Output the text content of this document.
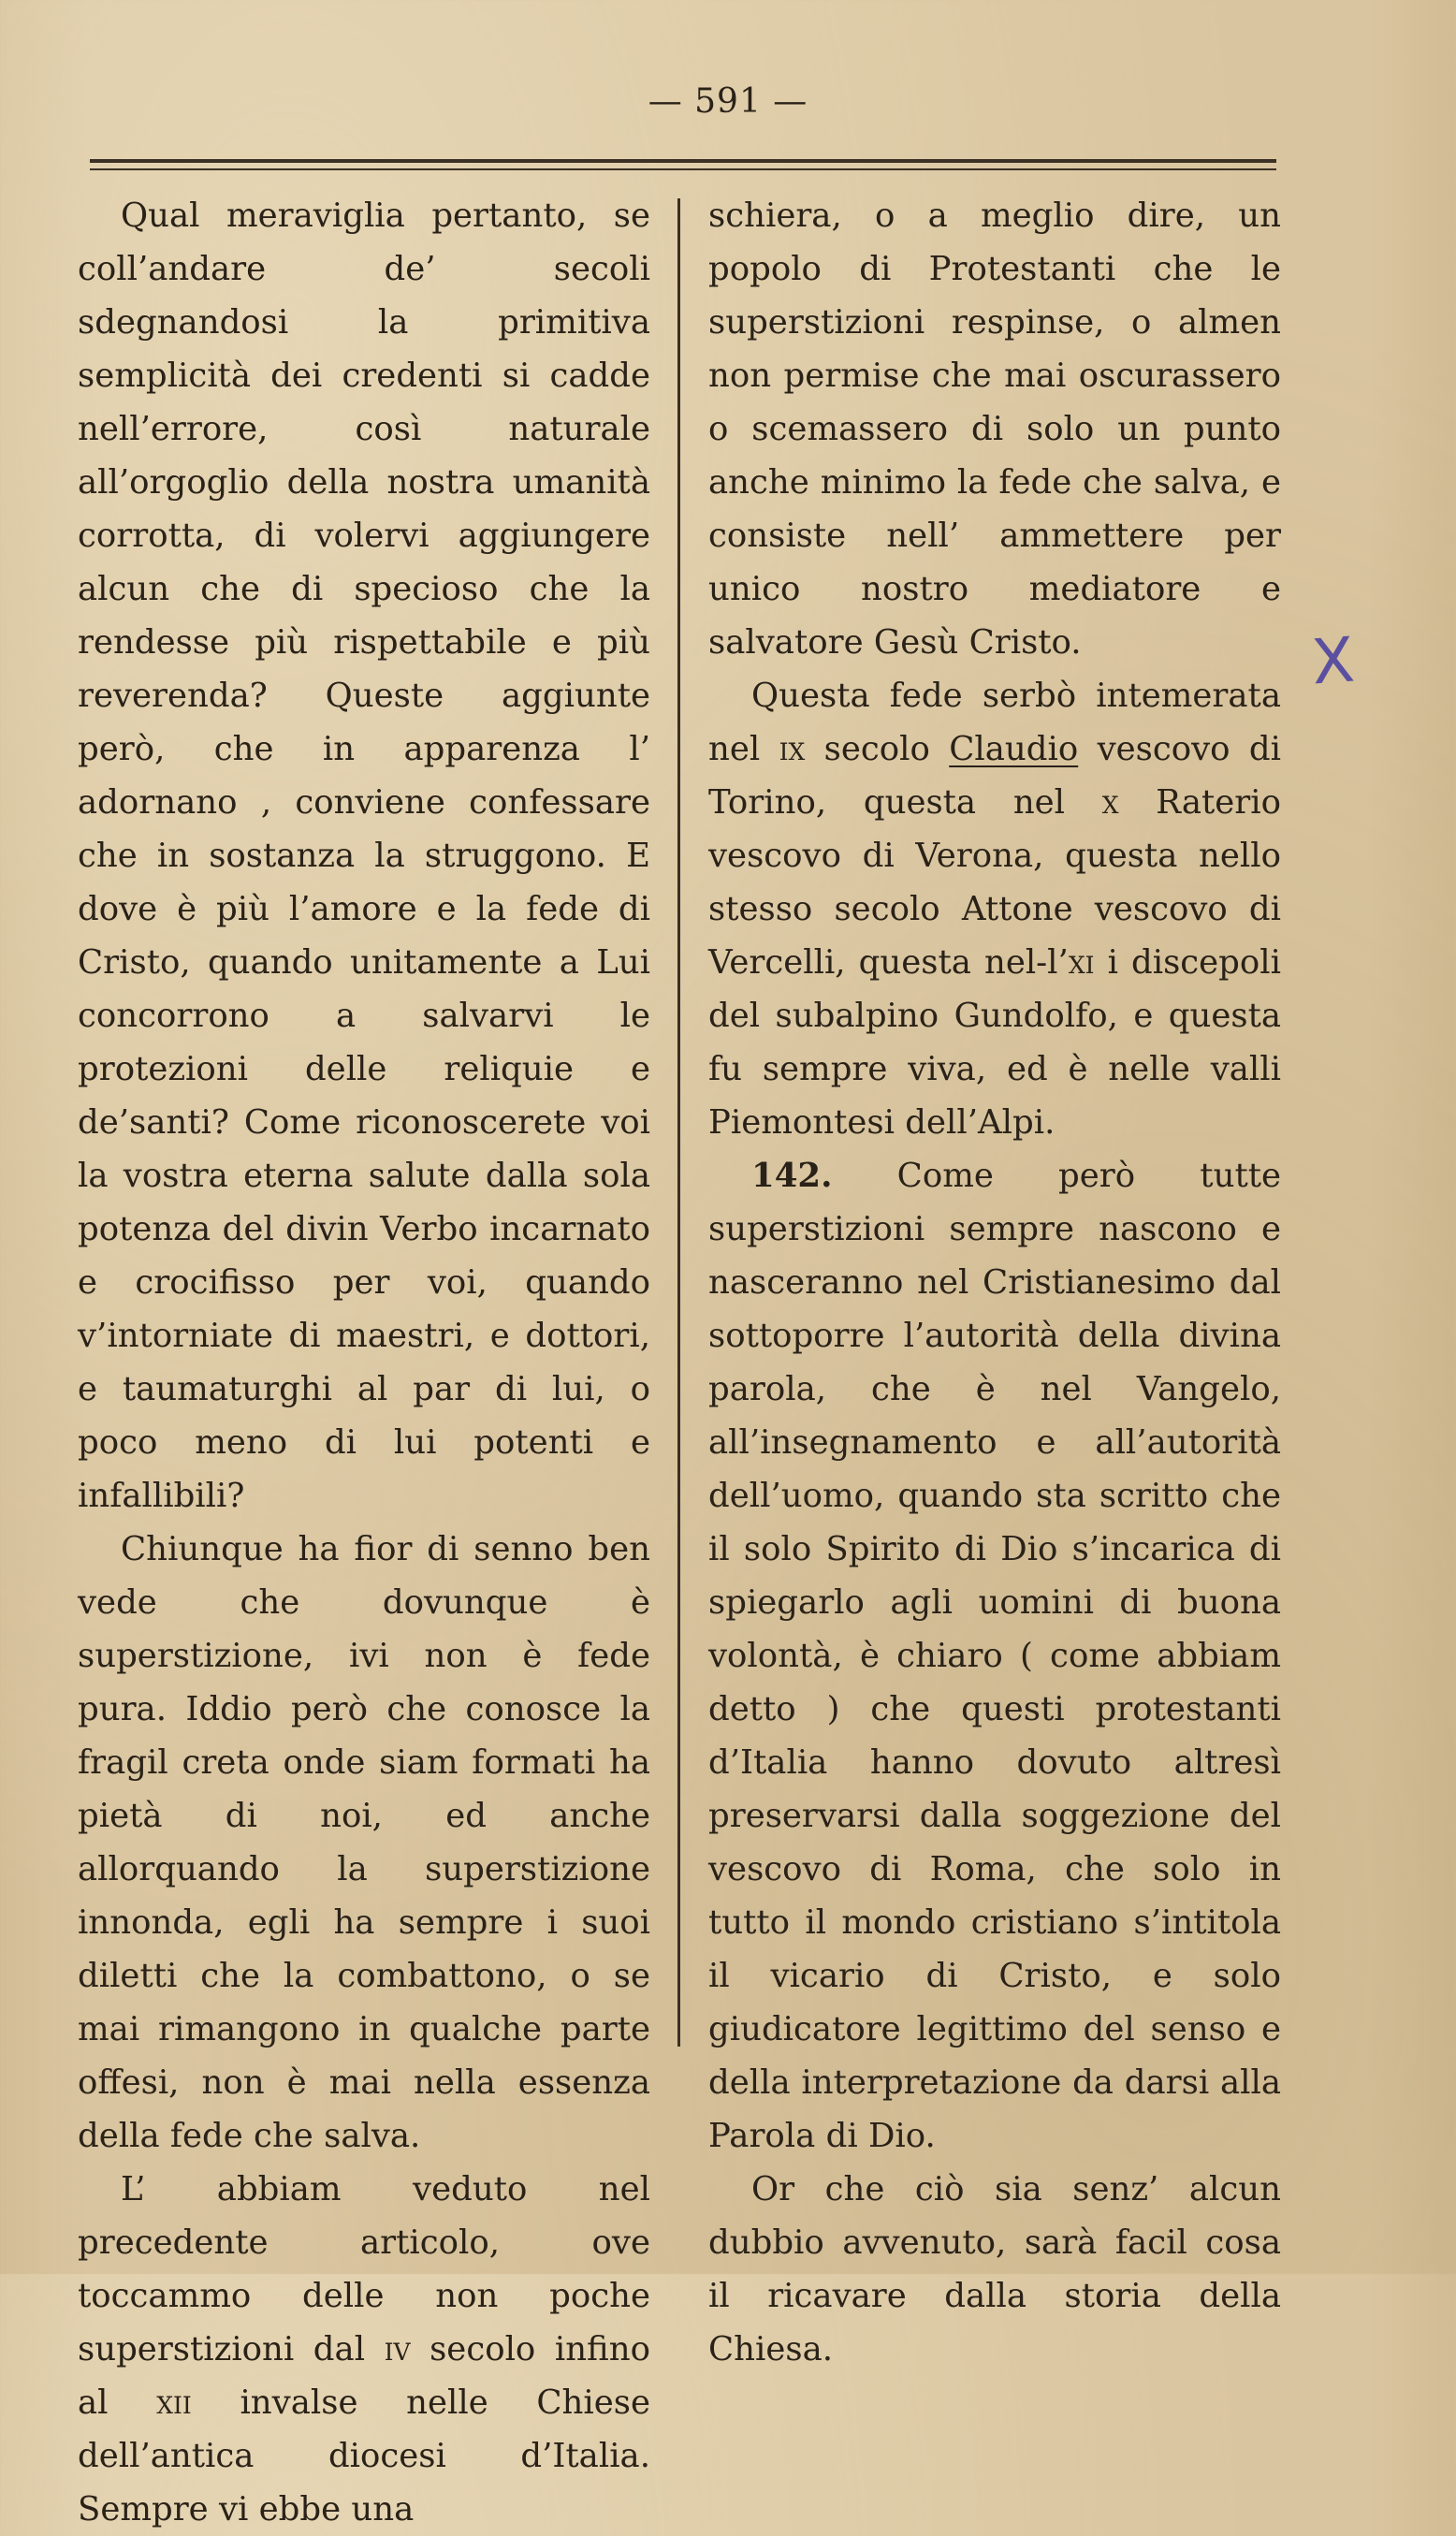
— 591 —

Qual meraviglia pertanto, se coll’andare de’ secoli sdegnandosi la primitiva semplicità dei credenti si cadde nell’errore, così naturale all’orgoglio della nostra umanità corrotta, di volervi aggiungere alcun che di specioso che la rendesse più rispettabile e più reverenda? Queste aggiunte però, che in apparenza l’ adornano , conviene confessare che in sostanza la struggono. E dove è più l’amore e la fede di Cristo, quando unitamente a Lui concorrono a salvarvi le protezioni delle reliquie e de’santi? Come riconoscerete voi la vostra eterna salute dalla sola potenza del divin Verbo incarnato e crocifisso per voi, quando v’intorniate di maestri, e dottori, e taumaturghi al par di lui, o poco meno di lui potenti e infallibili?

Chiunque ha fior di senno ben vede che dovunque è superstizione, ivi non è fede pura. Iddio però che conosce la fragil creta onde siam formati ha pietà di noi, ed anche allorquando la superstizione innonda, egli ha sempre i suoi diletti che la combattono, o se mai rimangono in qualche parte offesi, non è mai nella essenza della fede che salva.

L’ abbiam veduto nel precedente articolo, ove toccammo delle non poche superstizioni dal iv secolo infino al xii invalse nelle Chiese dell’antica diocesi d’Italia. Sempre vi ebbe una

schiera, o a meglio dire, un popolo di Protestanti che le superstizioni respinse, o almen non permise che mai oscurassero o scemassero di solo un punto anche minimo la fede che salva, e consiste nell’ ammettere per unico nostro mediatore e salvatore Gesù Cristo.

Questa fede serbò intemerata nel ix secolo Claudio vescovo di Torino, questa nel x Raterio vescovo di Verona, questa nello stesso secolo Attone vescovo di Vercelli, questa nel-l’xi i discepoli del subalpino Gundolfo, e questa fu sempre viva, ed è nelle valli Piemontesi dell’Alpi.

142. Come però tutte superstizioni sempre nascono e nasceranno nel Cristianesimo dal sottoporre l’autorità della divina parola, che è nel Vangelo, all’insegnamento e all’autorità dell’uomo, quando sta scritto che il solo Spirito di Dio s’incarica di spiegarlo agli uomini di buona volontà, è chiaro ( come abbiam detto ) che questi protestanti d’Italia hanno dovuto altresì preservarsi dalla soggezione del vescovo di Roma, che solo in tutto il mondo cristiano s’intitola il vicario di Cristo, e solo giudicatore legittimo del senso e della interpretazione da darsi alla Parola di Dio.

Or che ciò sia senz’ alcun dubbio avvenuto, sarà facil cosa il ricavare dalla storia della Chiesa.

X
